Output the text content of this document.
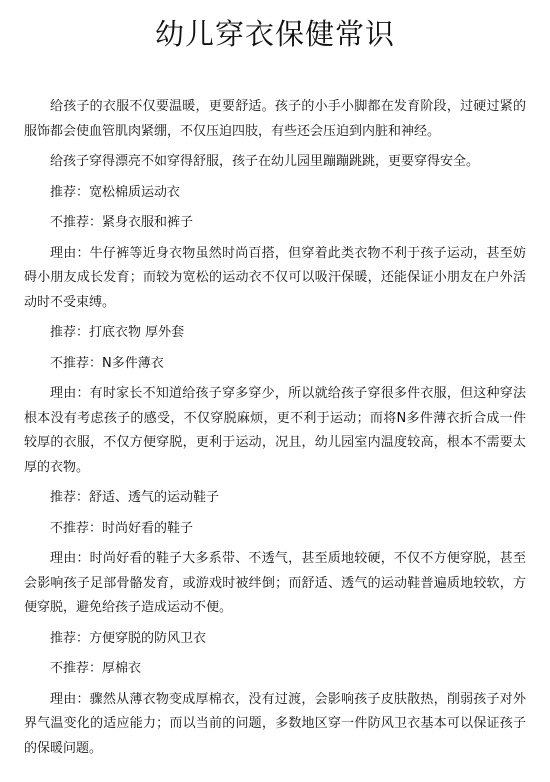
幼儿穿衣保健常识

给孩子的衣服不仅要温暖，更要舒适。孩子的小手小脚都在发育阶段，过硬过紧的服饰都会使血管肌肉紧绷，不仅压迫四肢，有些还会压迫到内脏和神经。

给孩子穿得漂亮不如穿得舒服，孩子在幼儿园里蹦蹦跳跳，更要穿得安全。

推荐：宽松棉质运动衣

不推荐：紧身衣服和裤子

理由：牛仔裤等近身衣物虽然时尚百搭，但穿着此类衣物不利于孩子运动，甚至妨碍小朋友成长发育；而较为宽松的运动衣不仅可以吸汗保暖，还能保证小朋友在户外活动时不受束缚。

推荐：打底衣物 厚外套

不推荐：N多件薄衣

理由：有时家长不知道给孩子穿多穿少，所以就给孩子穿很多件衣服，但这种穿法根本没有考虑孩子的感受，不仅穿脱麻烦，更不利于运动；而将N多件薄衣折合成一件较厚的衣服，不仅方便穿脱，更利于运动，况且，幼儿园室内温度较高，根本不需要太厚的衣物。

推荐：舒适、透气的运动鞋子

不推荐：时尚好看的鞋子

理由：时尚好看的鞋子大多系带、不透气，甚至质地较硬，不仅不方便穿脱，甚至会影响孩子足部骨骼发育，或游戏时被绊倒；而舒适、透气的运动鞋普遍质地较软，方便穿脱，避免给孩子造成运动不便。

推荐：方便穿脱的防风卫衣

不推荐：厚棉衣

理由：骤然从薄衣物变成厚棉衣，没有过渡，会影响孩子皮肤散热，削弱孩子对外界气温变化的适应能力；而以当前的问题，多数地区穿一件防风卫衣基本可以保证孩子的保暖问题。
